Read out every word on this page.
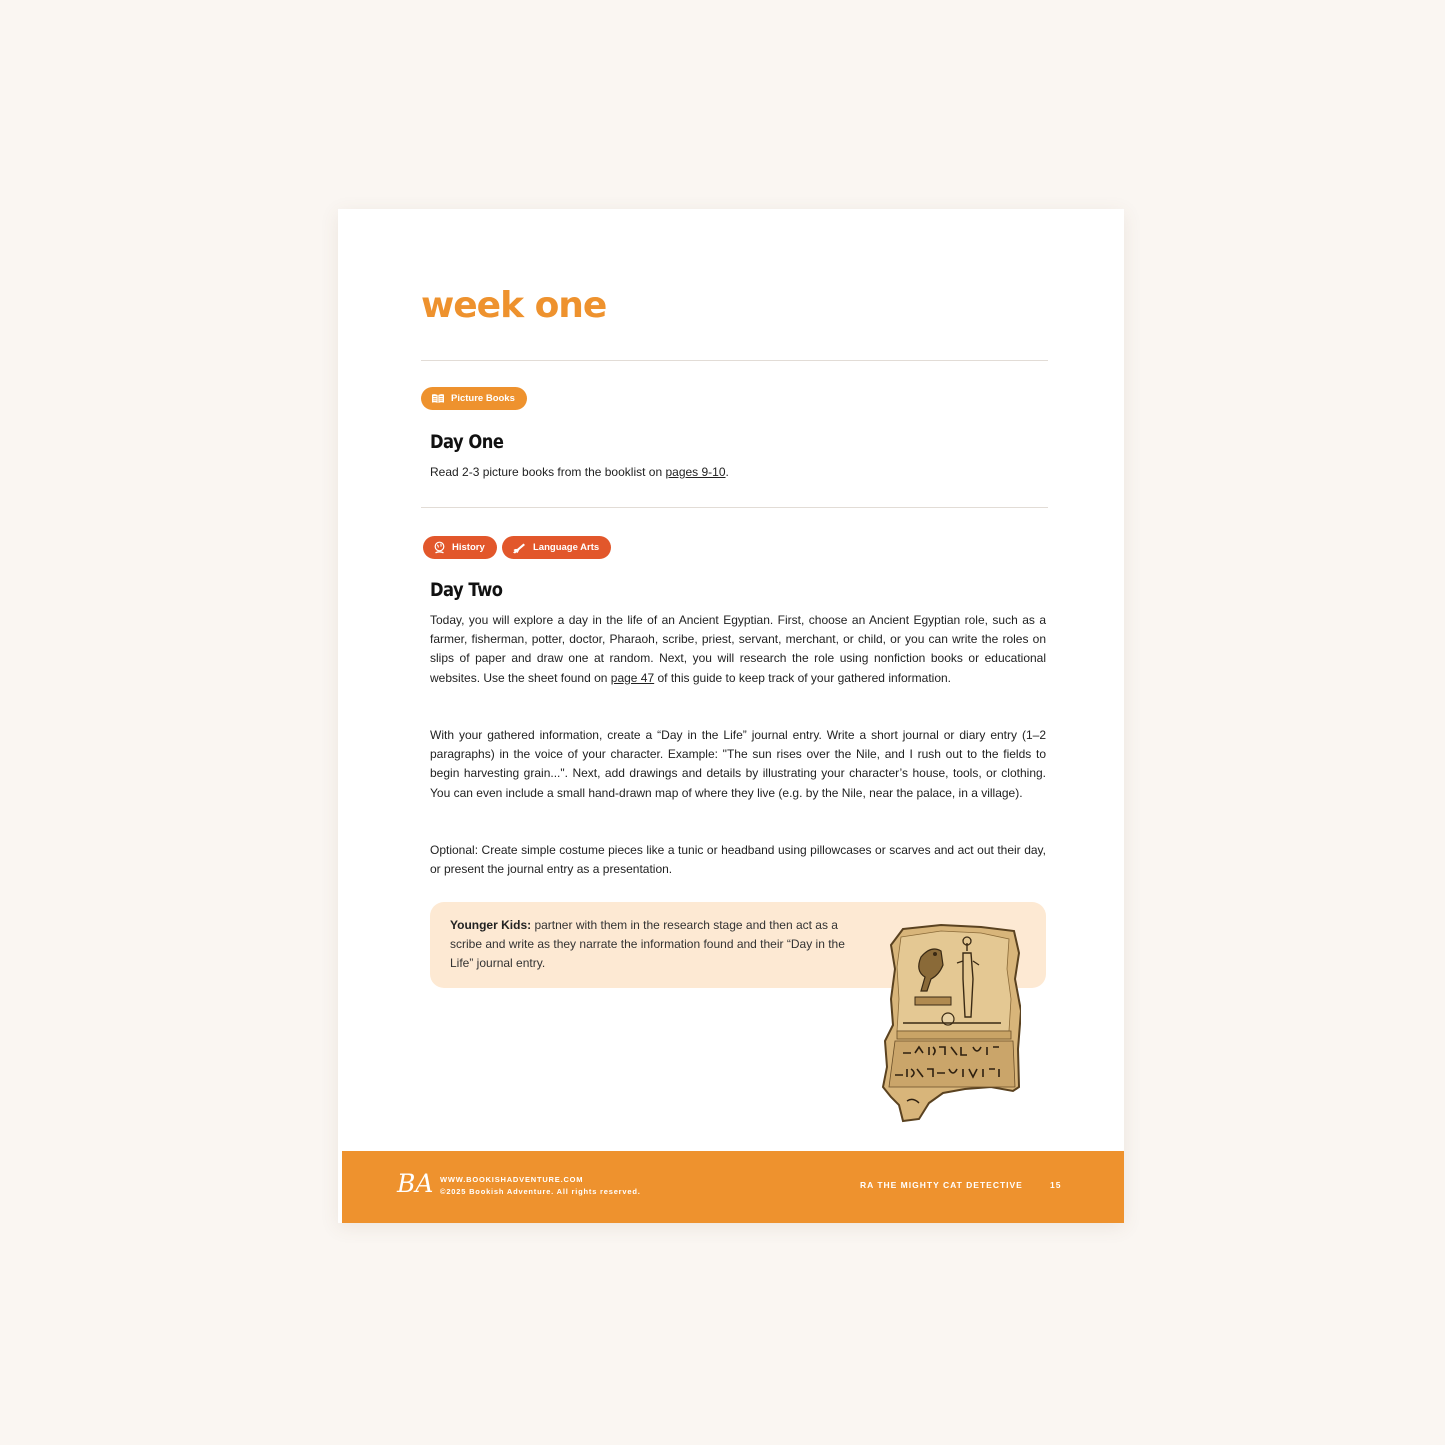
week one
Picture Books
Day One

Read 2-3 picture books from the booklist on pages 9-10.

History	Language Arts
Day Two

Today, you will explore a day in the life of an Ancient Egyptian. First, choose an Ancient Egyptian role, such as a farmer, fisherman, potter, doctor, Pharaoh, scribe, priest, servant, merchant, or child, or you can write the roles on slips of paper and draw one at random. Next, you will research the role using nonfiction books or educational websites. Use the sheet found on page 47 of this guide to keep track of your gathered information.

With your gathered information, create a “Day in the Life” journal entry. Write a short journal or diary entry (1–2 paragraphs) in the voice of your character. Example: "The sun rises over the Nile, and I rush out to the fields to begin harvesting grain...". Next, add drawings and details by illustrating your character’s house, tools, or clothing. You can even include a small hand-drawn map of where they live (e.g. by the Nile, near the palace, in a village).

Optional: Create simple costume pieces like a tunic or headband using pillowcases or scarves and act out their day, or present the journal entry as a presentation.

Younger Kids: partner with them in the research stage and then act as a scribe and write as they narrate the information found and their “Day in the Life” journal entry.

BA WWW.BOOKISHADVENTURE.COM
©2025 Bookish Adventure. All rights reserved.
RA THE MIGHTY CAT DETECTIVE	15
